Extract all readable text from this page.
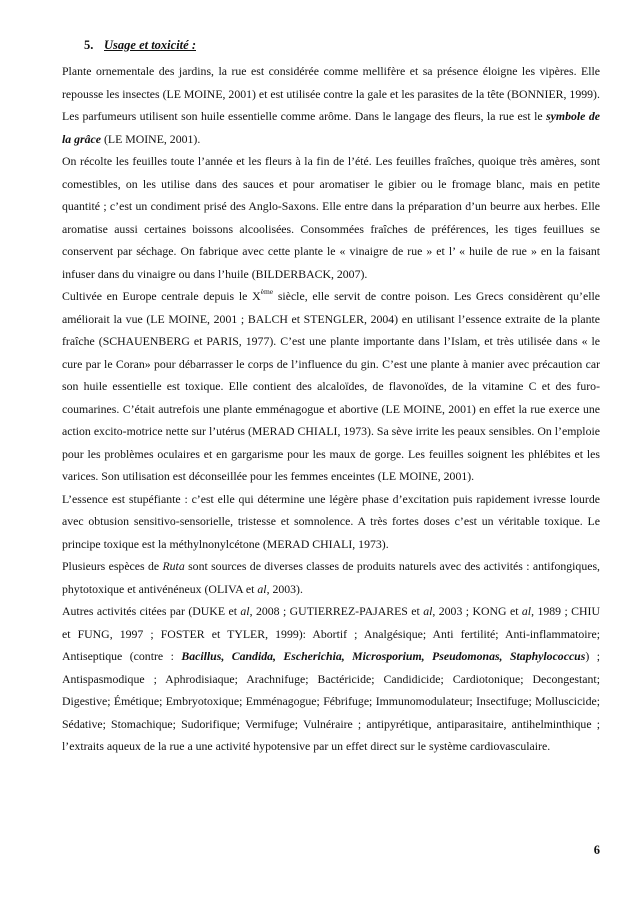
5. Usage et toxicité :

Plante ornementale des jardins, la rue est considérée comme mellifère et sa présence éloigne les vipères. Elle repousse les insectes (LE MOINE, 2001) et est utilisée contre la gale et les parasites de la tête (BONNIER, 1999).

Les parfumeurs utilisent son huile essentielle comme arôme. Dans le langage des fleurs, la rue est le symbole de la grâce (LE MOINE, 2001).

On récolte les feuilles toute l’année et les fleurs à la fin de l’été. Les feuilles fraîches, quoique très amères, sont comestibles, on les utilise dans des sauces et pour aromatiser le gibier ou le fromage blanc, mais en petite quantité ; c’est un condiment prisé des Anglo-Saxons. Elle entre dans la préparation d’un beurre aux herbes. Elle aromatise aussi certaines boissons alcoolisées. Consommées fraîches de préférences, les tiges feuillues se conservent par séchage. On fabrique avec cette plante le « vinaigre de rue » et l’ « huile de rue » en la faisant infuser dans du vinaigre ou dans l’huile (BILDERBACK, 2007).

Cultivée en Europe centrale depuis le Xème siècle, elle servit de contre poison. Les Grecs considèrent qu’elle améliorait la vue (LE MOINE, 2001 ; BALCH et STENGLER, 2004) en utilisant l’essence extraite de la plante fraîche (SCHAUENBERG et PARIS, 1977). C’est une plante importante dans l’Islam, et très utilisée dans « le cure par le Coran» pour débarrasser le corps de l’influence du gin. C’est une plante à manier avec précaution car son huile essentielle est toxique. Elle contient des alcaloïdes, de flavonoïdes, de la vitamine C et des furo-coumarines. C’était autrefois une plante emménagogue et abortive (LE MOINE, 2001) en effet la rue exerce une action excito-motrice nette sur l’utérus (MERAD CHIALI, 1973). Sa sève irrite les peaux sensibles. On l’emploie pour les problèmes oculaires et en gargarisme pour les maux de gorge. Les feuilles soignent les phlébites et les varices. Son utilisation est déconseillée pour les femmes enceintes (LE MOINE, 2001).

L’essence est stupéfiante : c’est elle qui détermine une légère phase d’excitation puis rapidement ivresse lourde avec obtusion sensitivo-sensorielle, tristesse et somnolence. A très fortes doses c’est un véritable toxique. Le principe toxique est la méthylnonylcétone (MERAD CHIALI, 1973).

Plusieurs espèces de Ruta sont sources de diverses classes de produits naturels avec des activités : antifongiques, phytotoxique et antivénéneux (OLIVA et al, 2003).

Autres activités citées par (DUKE et al, 2008 ; GUTIERREZ-PAJARES et al, 2003 ; KONG et al, 1989 ; CHIU et FUNG, 1997 ; FOSTER et TYLER, 1999): Abortif ; Analgésique; Anti fertilité; Anti-inflammatoire; Antiseptique (contre : Bacillus, Candida, Escherichia, Microsporium, Pseudomonas, Staphylococcus) ; Antispasmodique ; Aphrodisiaque; Arachnifuge; Bactéricide; Candidicide; Cardiotonique; Decongestant; Digestive; Émétique; Embryotoxique; Emménagogue; Fébrifuge; Immunomodulateur; Insectifuge; Molluscicide; Sédative; Stomachique; Sudorifique; Vermifuge; Vulnéraire ; antipyrétique, antiparasitaire, antihelminthique ; l’extraits aqueux de la rue a une activité hypotensive par un effet direct sur le système cardiovasculaire.

6
